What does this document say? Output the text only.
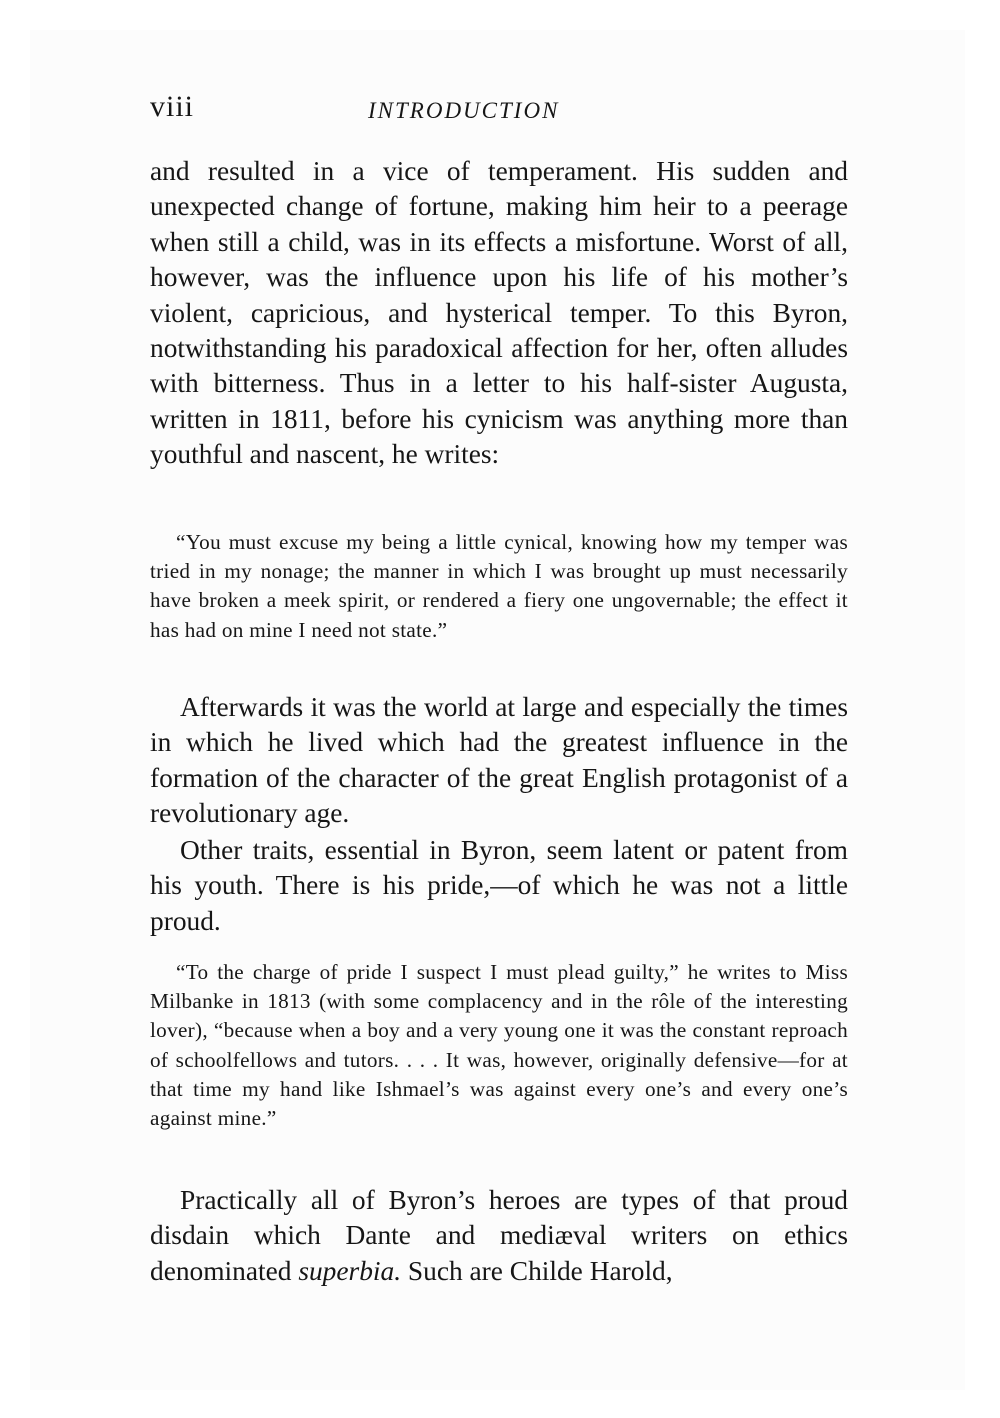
viii	INTRODUCTION

and resulted in a vice of temperament. His sudden and unexpected change of fortune, making him heir to a peerage when still a child, was in its effects a misfortune. Worst of all, however, was the influence upon his life of his mother’s violent, capricious, and hysterical temper. To this Byron, notwithstanding his paradoxical affection for her, often alludes with bitterness. Thus in a letter to his half-sister Augusta, written in 1811, before his cynicism was anything more than youthful and nascent, he writes:

“You must excuse my being a little cynical, knowing how my temper was tried in my nonage; the manner in which I was brought up must necessarily have broken a meek spirit, or rendered a fiery one ungovernable; the effect it has had on mine I need not state.”

Afterwards it was the world at large and especially the times in which he lived which had the greatest influence in the formation of the character of the great English protagonist of a revolutionary age.

Other traits, essential in Byron, seem latent or patent from his youth. There is his pride,—of which he was not a little proud.

“To the charge of pride I suspect I must plead guilty,” he writes to Miss Milbanke in 1813 (with some complacency and in the rôle of the interesting lover), “because when a boy and a very young one it was the constant reproach of schoolfellows and tutors. . . . It was, however, originally defensive—for at that time my hand like Ishmael’s was against every one’s and every one’s against mine.”

Practically all of Byron’s heroes are types of that proud disdain which Dante and mediæval writers on ethics denominated superbia. Such are Childe Harold,
